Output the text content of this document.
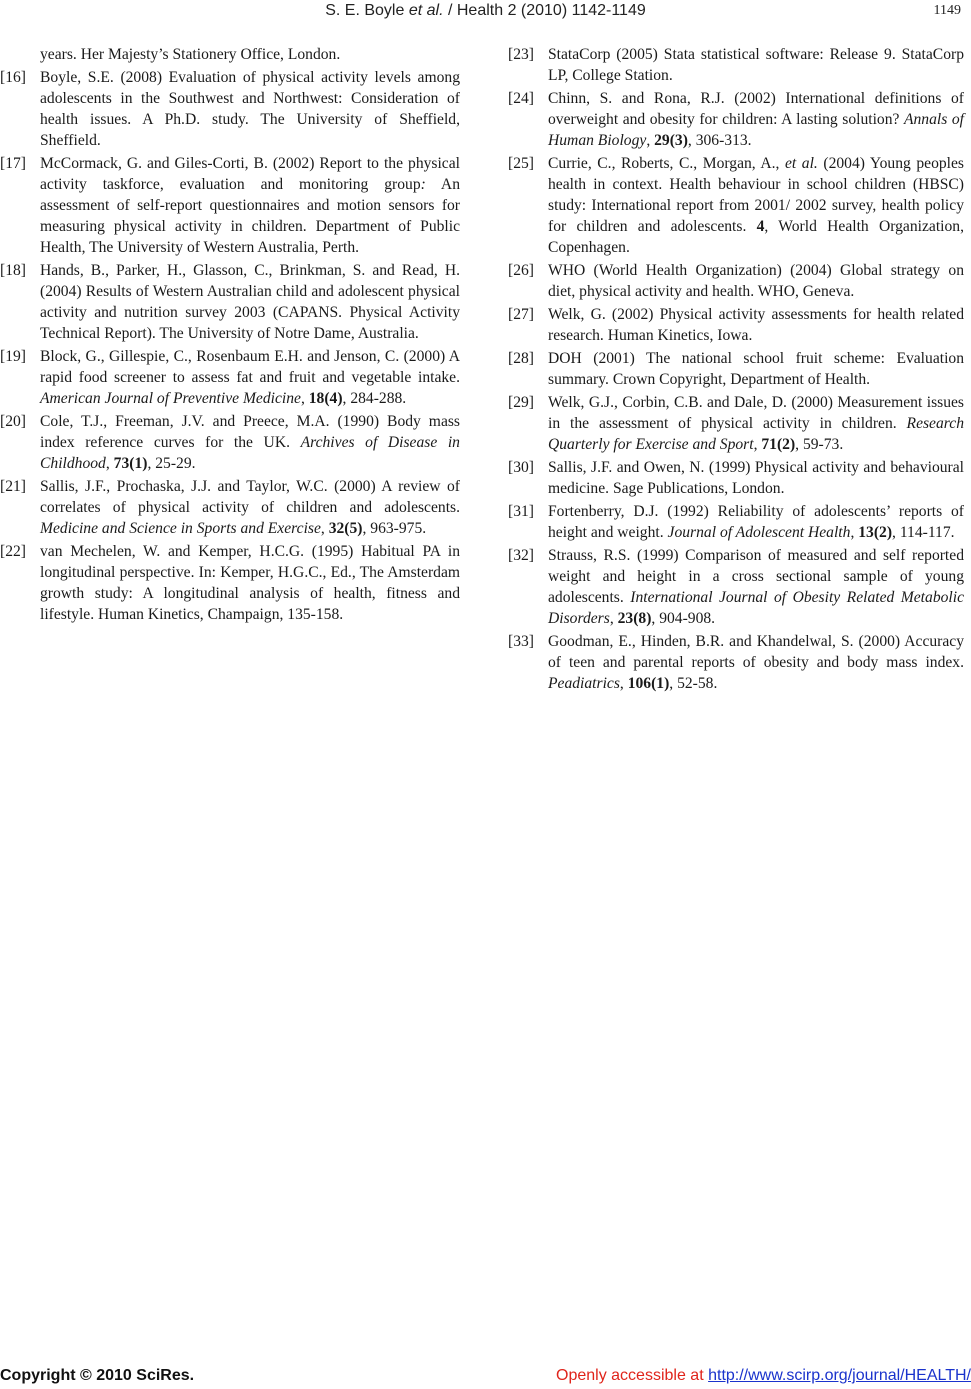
S. E. Boyle et al. / Health 2 (2010) 1142-1149	1149
years. Her Majesty’s Stationery Office, London.
[16] Boyle, S.E. (2008) Evaluation of physical activity levels among adolescents in the Southwest and Northwest: Consideration of health issues. A Ph.D. study. The University of Sheffield, Sheffield.
[17] McCormack, G. and Giles-Corti, B. (2002) Report to the physical activity taskforce, evaluation and monitoring group: An assessment of self-report questionnaires and motion sensors for measuring physical activity in children. Department of Public Health, The University of Western Australia, Perth.
[18] Hands, B., Parker, H., Glasson, C., Brinkman, S. and Read, H. (2004) Results of Western Australian child and adolescent physical activity and nutrition survey 2003 (CAPANS. Physical Activity Technical Report). The University of Notre Dame, Australia.
[19] Block, G., Gillespie, C., Rosenbaum E.H. and Jenson, C. (2000) A rapid food screener to assess fat and fruit and vegetable intake. American Journal of Preventive Medicine, 18(4), 284-288.
[20] Cole, T.J., Freeman, J.V. and Preece, M.A. (1990) Body mass index reference curves for the UK. Archives of Disease in Childhood, 73(1), 25-29.
[21] Sallis, J.F., Prochaska, J.J. and Taylor, W.C. (2000) A review of correlates of physical activity of children and adolescents. Medicine and Science in Sports and Exercise, 32(5), 963-975.
[22] van Mechelen, W. and Kemper, H.C.G. (1995) Habitual PA in longitudinal perspective. In: Kemper, H.G.C., Ed., The Amsterdam growth study: A longitudinal analysis of health, fitness and lifestyle. Human Kinetics, Champaign, 135-158.
[23] StataCorp (2005) Stata statistical software: Release 9. StataCorp LP, College Station.
[24] Chinn, S. and Rona, R.J. (2002) International definitions of overweight and obesity for children: A lasting solution? Annals of Human Biology, 29(3), 306-313.
[25] Currie, C., Roberts, C., Morgan, A., et al. (2004) Young peoples health in context. Health behaviour in school children (HBSC) study: International report from 2001/ 2002 survey, health policy for children and adolescents. 4, World Health Organization, Copenhagen.
[26] WHO (World Health Organization) (2004) Global strategy on diet, physical activity and health. WHO, Geneva.
[27] Welk, G. (2002) Physical activity assessments for health related research. Human Kinetics, Iowa.
[28] DOH (2001) The national school fruit scheme: Evaluation summary. Crown Copyright, Department of Health.
[29] Welk, G.J., Corbin, C.B. and Dale, D. (2000) Measurement issues in the assessment of physical activity in children. Research Quarterly for Exercise and Sport, 71(2), 59-73.
[30] Sallis, J.F. and Owen, N. (1999) Physical activity and behavioural medicine. Sage Publications, London.
[31] Fortenberry, D.J. (1992) Reliability of adolescents’ reports of height and weight. Journal of Adolescent Health, 13(2), 114-117.
[32] Strauss, R.S. (1999) Comparison of measured and self reported weight and height in a cross sectional sample of young adolescents. International Journal of Obesity Related Metabolic Disorders, 23(8), 904-908.
[33] Goodman, E., Hinden, B.R. and Khandelwal, S. (2000) Accuracy of teen and parental reports of obesity and body mass index. Peadiatrics, 106(1), 52-58.
Copyright © 2010 SciRes.	Openly accessible at http://www.scirp.org/journal/HEALTH/
